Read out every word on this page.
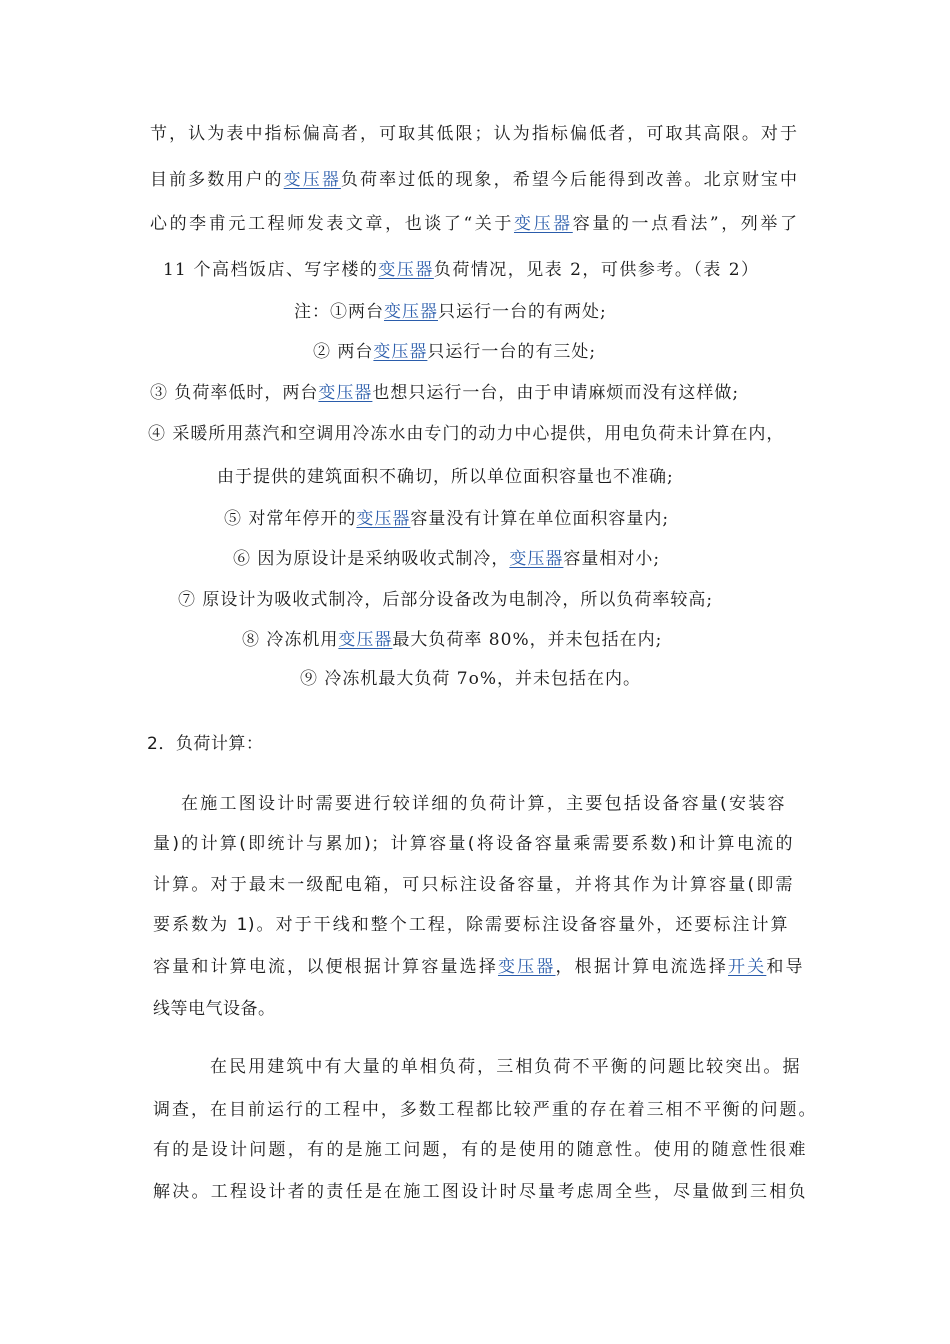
节，认为表中指标偏高者，可取其低限；认为指标偏低者，可取其高限。对于
目前多数用户的变压器负荷率过低的现象，希望今后能得到改善。北京财宝中
心的李甫元工程师发表文章，也谈了“关于变压器容量的一点看法”，列举了
11 个高档饭店、写字楼的变压器负荷情况，见表 2，可供参考。（表 2）
注：①两台变压器只运行一台的有两处;
② 两台变压器只运行一台的有三处;
③ 负荷率低时，两台变压器也想只运行一台，由于申请麻烦而没有这样做;
④ 采暖所用蒸汽和空调用冷冻水由专门的动力中心提供，用电负荷未计算在内，
由于提供的建筑面积不确切，所以单位面积容量也不准确;
⑤ 对常年停开的变压器容量没有计算在单位面积容量内;
⑥ 因为原设计是采纳吸收式制冷，变压器容量相对小;
⑦ 原设计为吸收式制冷，后部分设备改为电制冷，所以负荷率较高;
⑧ 冷冻机用变压器最大负荷率 80%，并未包括在内;
⑨ 冷冻机最大负荷 7o%，并未包括在内。
2．负荷计算：
在施工图设计时需要进行较详细的负荷计算，主要包括设备容量(安装容
量)的计算(即统计与累加)；计算容量(将设备容量乘需要系数)和计算电流的
计算。对于最末一级配电箱，可只标注设备容量，并将其作为计算容量(即需
要系数为 1)。对于干线和整个工程，除需要标注设备容量外，还要标注计算
容量和计算电流，以便根据计算容量选择变压器，根据计算电流选择开关和导
线等电气设备。
在民用建筑中有大量的单相负荷，三相负荷不平衡的问题比较突出。据
调查，在目前运行的工程中，多数工程都比较严重的存在着三相不平衡的问题。
有的是设计问题，有的是施工问题，有的是使用的随意性。使用的随意性很难
解决。工程设计者的责任是在施工图设计时尽量考虑周全些，尽量做到三相负
